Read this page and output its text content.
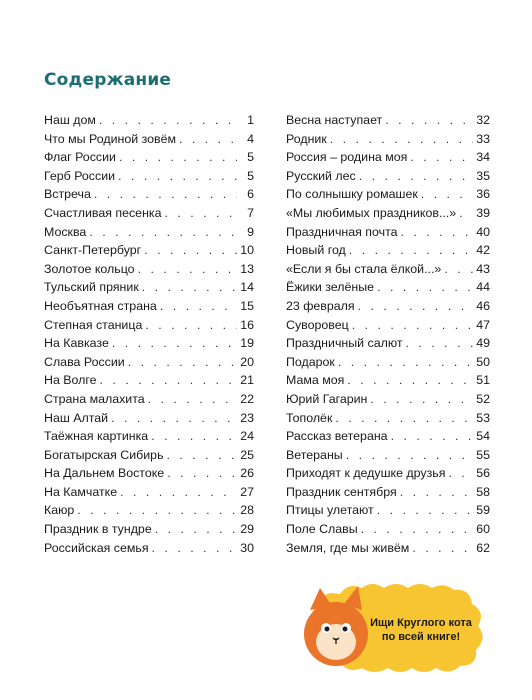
Содержание
Наш дом . . .	1
Что мы Родиной зовём . . .	4
Флаг России . . .	5
Герб России . . .	5
Встреча . . .	6
Счастливая песенка . . .	7
Москва . . .	9
Санкт-Петербург . . .	10
Золотое кольцо . . .	13
Тульский пряник . . .	14
Необъятная страна . . .	15
Степная станица . . .	16
На Кавказе . . .	19
Слава России . . .	20
На Волге . . .	21
Страна малахита . . .	22
Наш Алтай . . .	23
Таёжная картинка . . .	24
Богатырская Сибирь . . .	25
На Дальнем Востоке . . .	26
На Камчатке . . .	27
Каюр . . .	28
Праздник в тундре . . .	29
Российская семья . . .	30
Весна наступает . . .	32
Родник . . .	33
Россия – родина моя . . .	34
Русский лес . . .	35
По солнышку ромашек . . .	36
«Мы любимых праздников...» . . . 39
Праздничная почта . . .	40
Новый год . . .	42
«Если я бы стала ёлкой...» . . .	43
Ёжики зелёные . . .	44
23 февраля . . .	46
Суворовец . . .	47
Праздничный салют . . .	49
Подарок . . .	50
Мама моя . . .	51
Юрий Гагарин . . .	52
Тополёк . . .	53
Рассказ ветерана . . .	54
Ветераны . . .	55
Приходят к дедушке друзья . . . 56
Праздник сентября . . .	58
Птицы улетают . . .	59
Поле Славы . . .	60
Земля, где мы живём . . .	62
Ищи Круглого кота
по всей книге!
